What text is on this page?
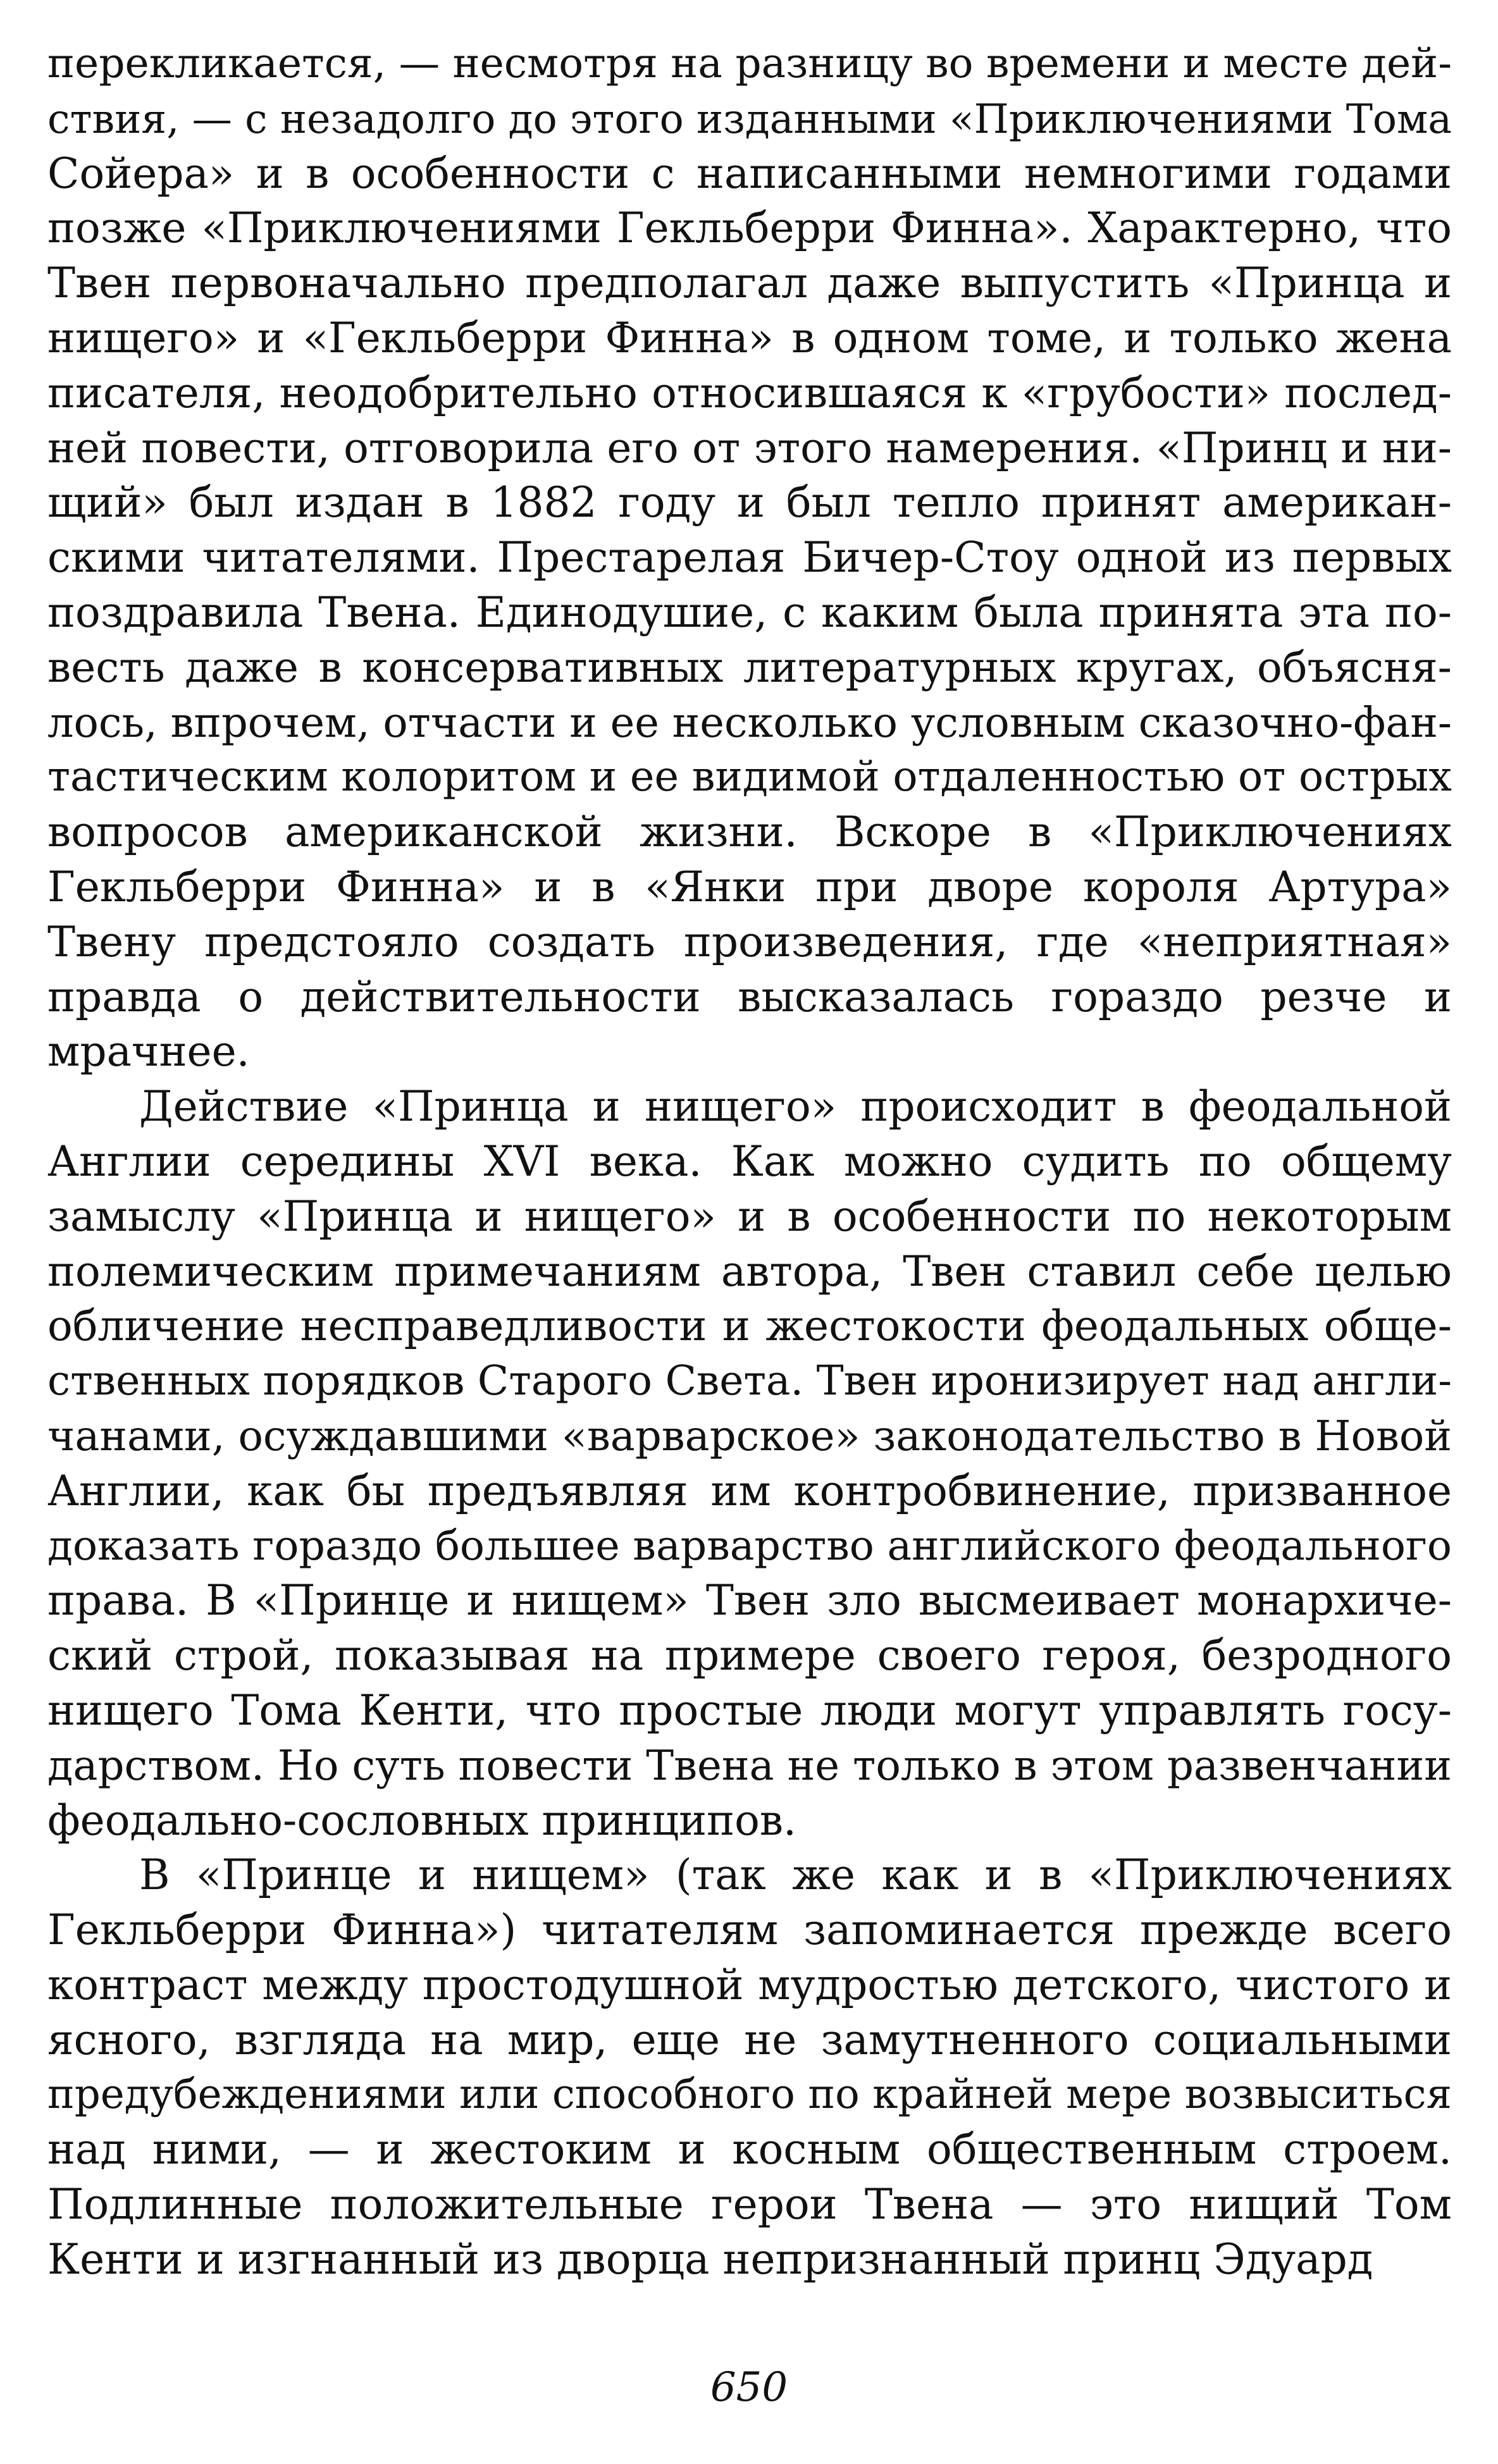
перекликается, — несмотря на разницу во времени и месте дей-
ствия, — с незадолго до этого изданными «Приключениями Тома
Сойера» и в особенности с написанными немногими годами
позже «Приключениями Гекльберри Финна». Характерно, что
Твен первоначально предполагал даже выпустить «Принца и
нищего» и «Гекльберри Финна» в одном томе, и только жена
писателя, неодобрительно относившаяся к «грубости» послед-
ней повести, отговорила его от этого намерения. «Принц и ни-
щий» был издан в 1882 году и был тепло принят американ-
скими читателями. Престарелая Бичер-Стоу одной из первых
поздравила Твена. Единодушие, с каким была принята эта по-
весть даже в консервативных литературных кругах, объясня-
лось, впрочем, отчасти и ее несколько условным сказочно-фан-
тастическим колоритом и ее видимой отдаленностью от острых
вопросов американской жизни. Вскоре в «Приключениях
Гекльберри Финна» и в «Янки при дворе короля Артура»
Твену предстояло создать произведения, где «неприятная»
правда о действительности высказалась гораздо резче и
мрачнее.
Действие «Принца и нищего» происходит в феодальной
Англии середины XVI века. Как можно судить по общему
замыслу «Принца и нищего» и в особенности по некоторым
полемическим примечаниям автора, Твен ставил себе целью
обличение несправедливости и жестокости феодальных обще-
ственных порядков Старого Света. Твен иронизирует над англи-
чанами, осуждавшими «варварское» законодательство в Новой
Англии, как бы предъявляя им контробвинение, призванное
доказать гораздо большее варварство английского феодального
права. В «Принце и нищем» Твен зло высмеивает монархиче-
ский строй, показывая на примере своего героя, безродного
нищего Тома Кенти, что простые люди могут управлять госу-
дарством. Но суть повести Твена не только в этом развенчании
феодально-сословных принципов.
В «Принце и нищем» (так же как и в «Приключениях
Гекльберри Финна») читателям запоминается прежде всего
контраст между простодушной мудростью детского, чистого и
ясного, взгляда на мир, еще не замутненного социальными
предубеждениями или способного по крайней мере возвыситься
над ними, — и жестоким и косным общественным строем.
Подлинные положительные герои Твена — это нищий Том
Кенти и изгнанный из дворца непризнанный принц Эдуард
650
